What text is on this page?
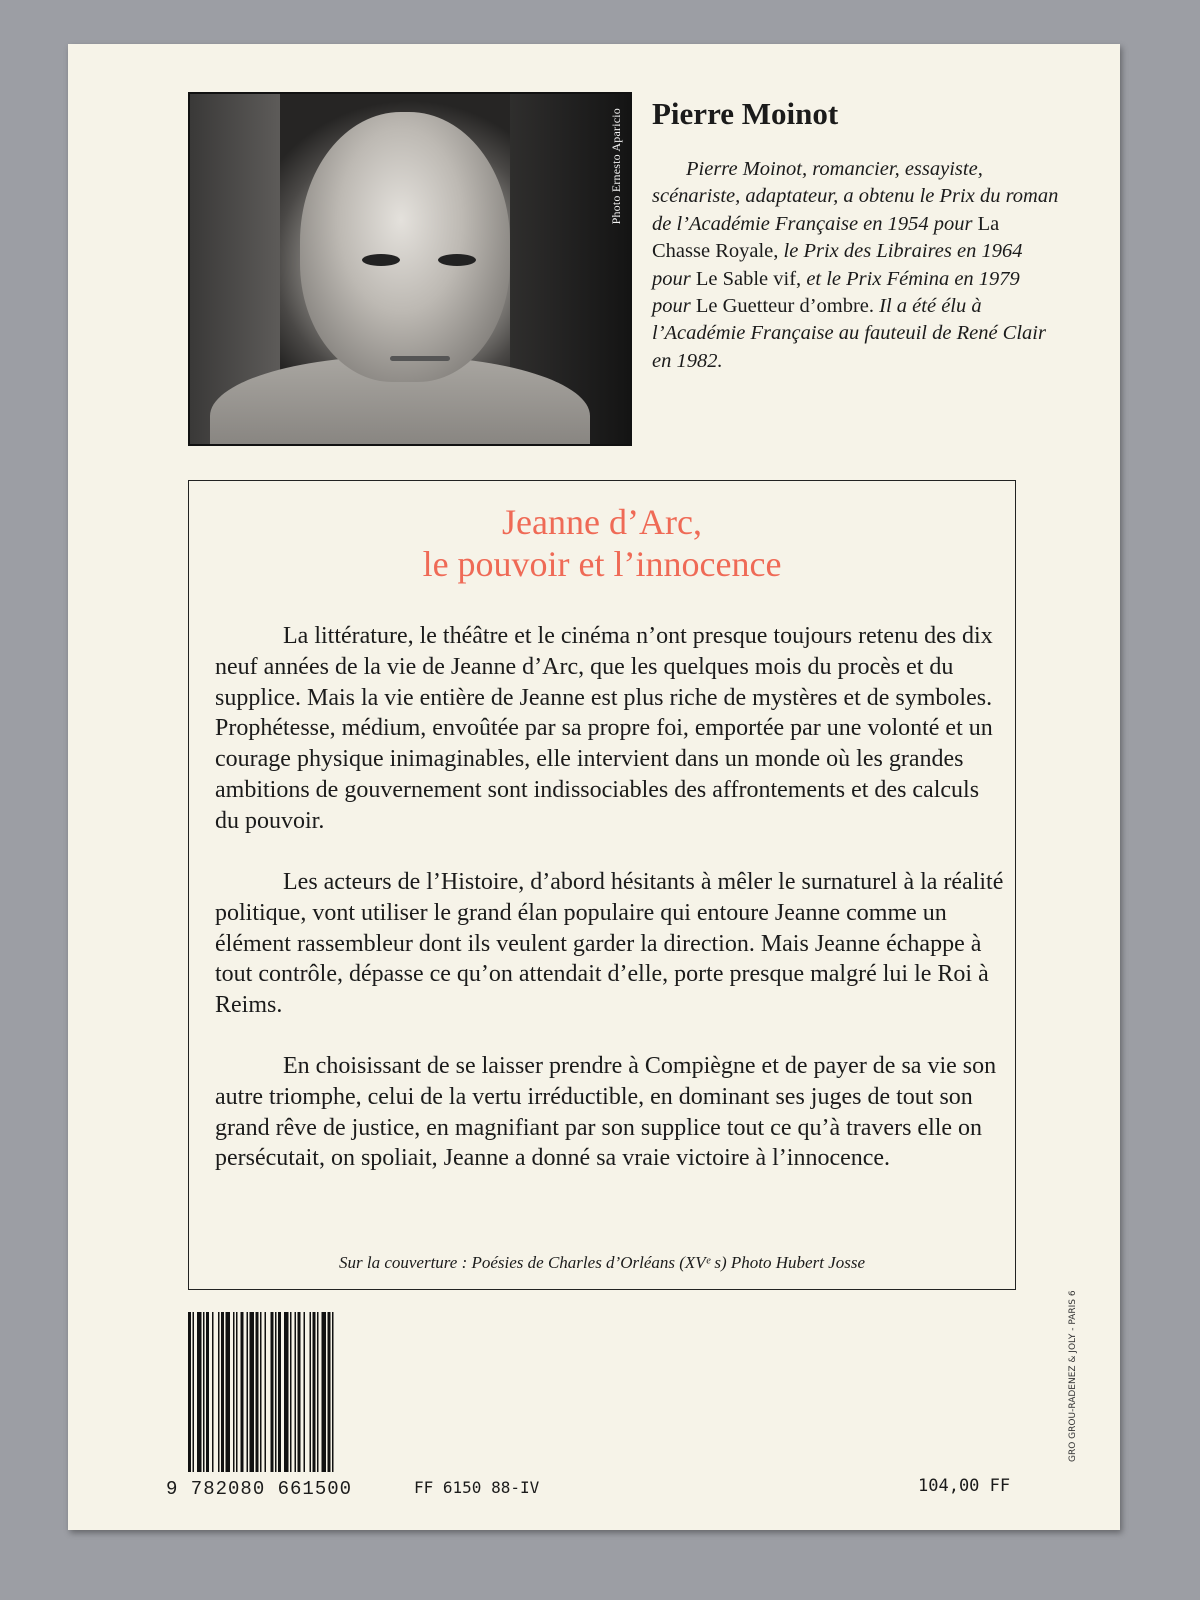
Photo Ernesto Aparicio Pierre Moinot

Pierre Moinot, romancier, essayiste, scénariste, adaptateur, a obtenu le Prix du roman de l’Académie Française en 1954 pour La Chasse Royale, le Prix des Libraires en 1964 pour Le Sable vif, et le Prix Fémina en 1979 pour Le Guetteur d’ombre. Il a été élu à l’Académie Française au fauteuil de René Clair en 1982.

Jeanne d’Arc,
le pouvoir et l’innocence

La littérature, le théâtre et le cinéma n’ont presque toujours retenu des dix neuf années de la vie de Jeanne d’Arc, que les quelques mois du procès et du supplice. Mais la vie entière de Jeanne est plus riche de mystères et de symboles. Prophétesse, médium, envoûtée par sa propre foi, emportée par une volonté et un courage physique inimaginables, elle intervient dans un monde où les grandes ambitions de gouvernement sont indissociables des affrontements et des calculs du pouvoir.

Les acteurs de l’Histoire, d’abord hésitants à mêler le surnaturel à la réalité politique, vont utiliser le grand élan populaire qui entoure Jeanne comme un élément rassembleur dont ils veulent garder la direction. Mais Jeanne échappe à tout contrôle, dépasse ce qu’on attendait d’elle, porte presque malgré lui le Roi à Reims.

En choisissant de se laisser prendre à Compiègne et de payer de sa vie son autre triomphe, celui de la vertu irréductible, en dominant ses juges de tout son grand rêve de justice, en magnifiant par son supplice tout ce qu’à travers elle on persécutait, on spoliait, Jeanne a donné sa vraie victoire à l’innocence.

Sur la couverture : Poésies de Charles d’Orléans (XVᵉ s) Photo Hubert Josse
9 782080 661500	FF 6150 88-IV	104,00 FF
GRO GROU-RADENEZ & JOLY - PARIS 6
